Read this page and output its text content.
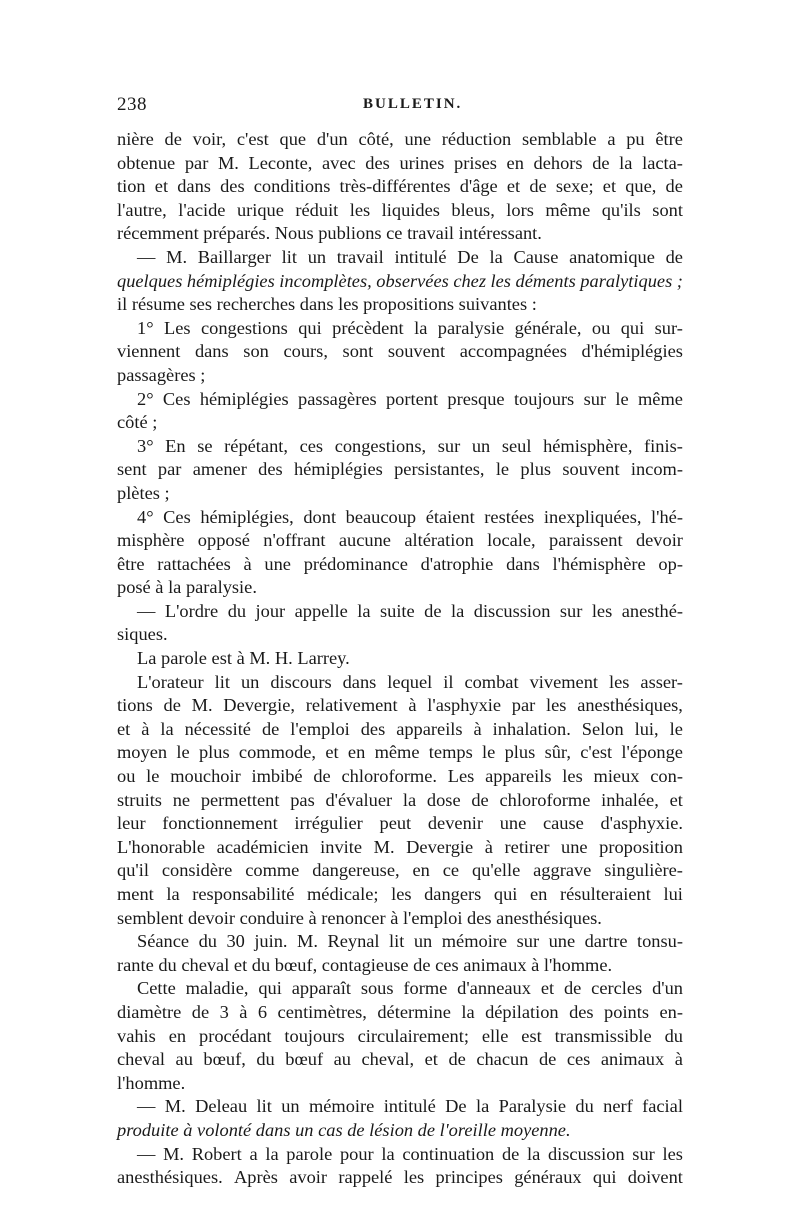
238	BULLETIN.
nière de voir, c'est que d'un côté, une réduction semblable a pu être
obtenue par M. Leconte, avec des urines prises en dehors de la lacta-
tion et dans des conditions très-différentes d'âge et de sexe; et que, de
l'autre, l'acide urique réduit les liquides bleus, lors même qu'ils sont
récemment préparés. Nous publions ce travail intéressant.
— M. Baillarger lit un travail intitulé De la Cause anatomique de
quelques hémiplégies incomplètes, observées chez les déments paralytiques ;
il résume ses recherches dans les propositions suivantes :
1° Les congestions qui précèdent la paralysie générale, ou qui sur-
viennent dans son cours, sont souvent accompagnées d'hémiplégies
passagères ;
2° Ces hémiplégies passagères portent presque toujours sur le même
côté ;
3° En se répétant, ces congestions, sur un seul hémisphère, finis-
sent par amener des hémiplégies persistantes, le plus souvent incom-
plètes ;
4° Ces hémiplégies, dont beaucoup étaient restées inexpliquées, l'hé-
misphère opposé n'offrant aucune altération locale, paraissent devoir
être rattachées à une prédominance d'atrophie dans l'hémisphère op-
posé à la paralysie.
— L'ordre du jour appelle la suite de la discussion sur les anesthé-
siques.
La parole est à M. H. Larrey.
L'orateur lit un discours dans lequel il combat vivement les asser-
tions de M. Devergie, relativement à l'asphyxie par les anesthésiques,
et à la nécessité de l'emploi des appareils à inhalation. Selon lui, le
moyen le plus commode, et en même temps le plus sûr, c'est l'éponge
ou le mouchoir imbibé de chloroforme. Les appareils les mieux con-
struits ne permettent pas d'évaluer la dose de chloroforme inhalée, et
leur fonctionnement irrégulier peut devenir une cause d'asphyxie.
L'honorable académicien invite M. Devergie à retirer une proposition
qu'il considère comme dangereuse, en ce qu'elle aggrave singulière-
ment la responsabilité médicale; les dangers qui en résulteraient lui
semblent devoir conduire à renoncer à l'emploi des anesthésiques.
Séance du 30 juin. M. Reynal lit un mémoire sur une dartre tonsu-
rante du cheval et du bœuf, contagieuse de ces animaux à l'homme.
Cette maladie, qui apparaît sous forme d'anneaux et de cercles d'un
diamètre de 3 à 6 centimètres, détermine la dépilation des points en-
vahis en procédant toujours circulairement; elle est transmissible du
cheval au bœuf, du bœuf au cheval, et de chacun de ces animaux à
l'homme.
— M. Deleau lit un mémoire intitulé De la Paralysie du nerf facial
produite à volonté dans un cas de lésion de l'oreille moyenne.
— M. Robert a la parole pour la continuation de la discussion sur les
anesthésiques. Après avoir rappelé les principes généraux qui doivent
